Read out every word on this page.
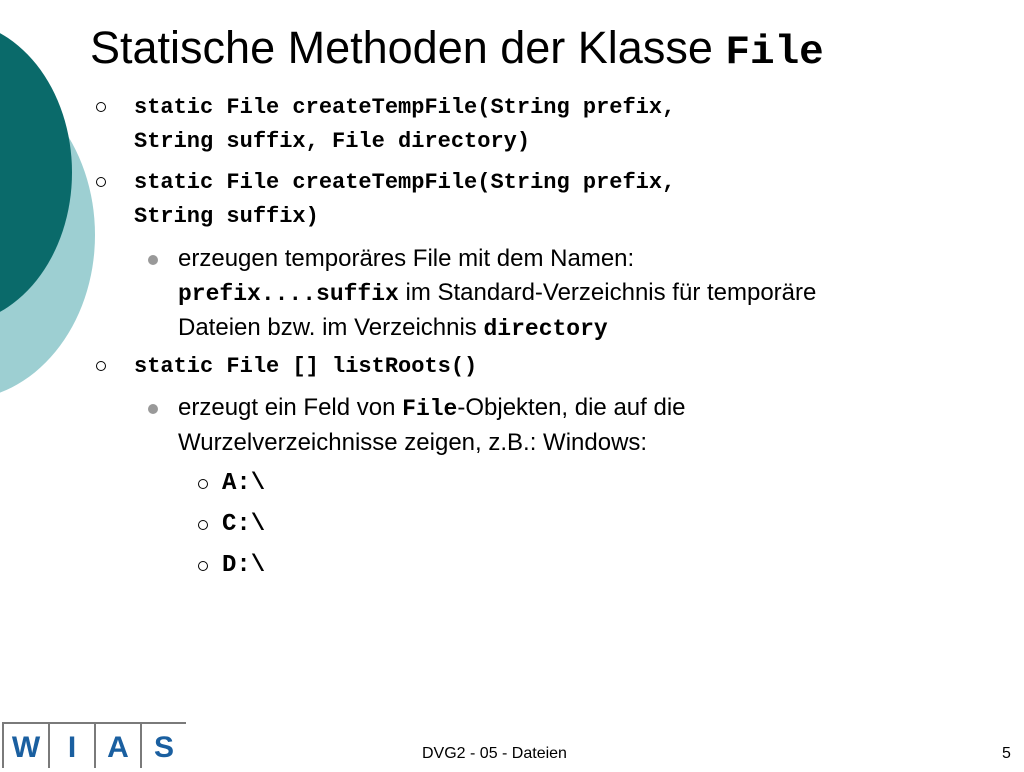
Statische Methoden der Klasse File
static File createTempFile(String prefix,
String suffix, File directory)
static File createTempFile(String prefix,
String suffix)
erzeugen temporäres File mit dem Namen:
prefix....suffix im Standard-Verzeichnis für temporäre
Dateien bzw. im Verzeichnis directory
static File [] listRoots()
erzeugt ein Feld von File-Objekten, die auf die
Wurzelverzeichnisse zeigen, z.B.: Windows:
A:\
C:\
D:\
W I	A S	DVG2 - 05 - Dateien	5
